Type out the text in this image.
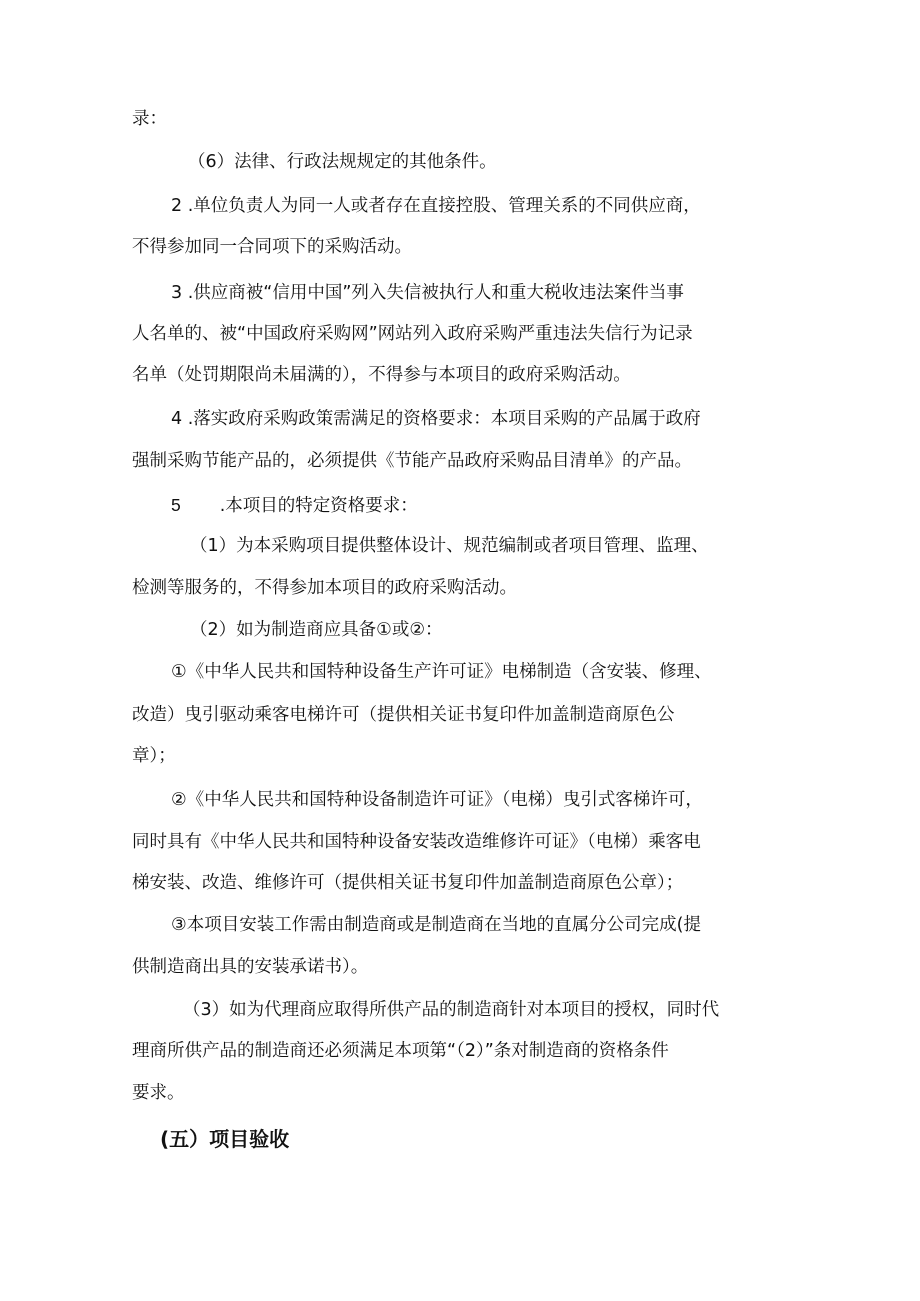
录：
（6）法律、行政法规规定的其他条件。
2 .单位负责人为同一人或者存在直接控股、管理关系的不同供应商，
不得参加同一合同项下的采购活动。
3 .供应商被“信用中国”列入失信被执行人和重大税收违法案件当事
人名单的、被“中国政府采购网”网站列入政府采购严重违法失信行为记录
名单（处罚期限尚未届满的），不得参与本项目的政府采购活动。
4 .落实政府采购政策需满足的资格要求：本项目采购的产品属于政府
强制采购节能产品的，必须提供《节能产品政府采购品目清单》的产品。
5 .本项目的特定资格要求：
（1）为本采购项目提供整体设计、规范编制或者项目管理、监理、
检测等服务的，不得参加本项目的政府采购活动。
（2）如为制造商应具备①或②：
①《中华人民共和国特种设备生产许可证》电梯制造（含安装、修理、
改造）曳引驱动乘客电梯许可（提供相关证书复印件加盖制造商原色公
章）；
②《中华人民共和国特种设备制造许可证》（电梯）曳引式客梯许可，
同时具有《中华人民共和国特种设备安装改造维修许可证》（电梯）乘客电
梯安装、改造、维修许可（提供相关证书复印件加盖制造商原色公章）；
③本项目安装工作需由制造商或是制造商在当地的直属分公司完成(提
供制造商出具的安装承诺书）。
（3）如为代理商应取得所供产品的制造商针对本项目的授权，同时代
理商所供产品的制造商还必须满足本项第“（2）”条对制造商的资格条件
要求。
(五）项目验收
